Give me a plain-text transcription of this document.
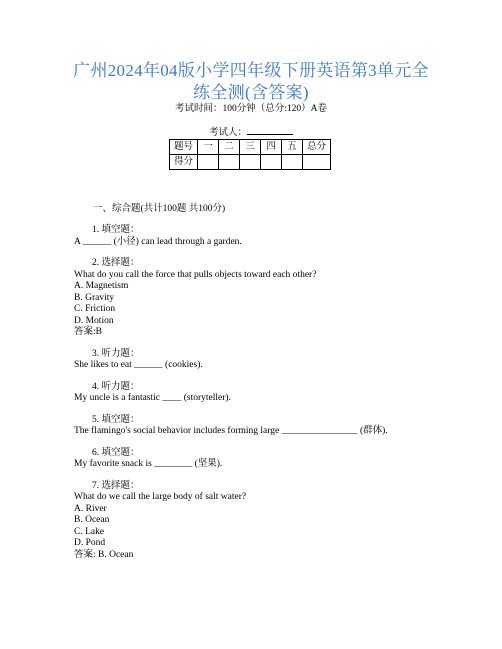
广州2024年04版小学四年级下册英语第3单元全
练全测(含答案)
考试时间：100分钟（总分:120）A卷
考试人：
题号	一	二	三	四	五	总分
得分						
一、综合题(共计100题 共100分)
1. 填空题：
A ______ (小径) can lead through a garden.
2. 选择题：
What do you call the force that pulls objects toward each other?
A. Magnetism
B. Gravity
C. Friction
D. Motion
答案:B
3. 听力题：
She likes to eat ______ (cookies).
4. 听力题：
My uncle is a fantastic ____ (storyteller).
5. 填空题：
The flamingo's social behavior includes forming large ________________ (群体).
6. 填空题：
My favorite snack is ________ (坚果).
7. 选择题：
What do we call the large body of salt water?
A. River
B. Ocean
C. Lake
D. Pond
答案: B. Ocean
